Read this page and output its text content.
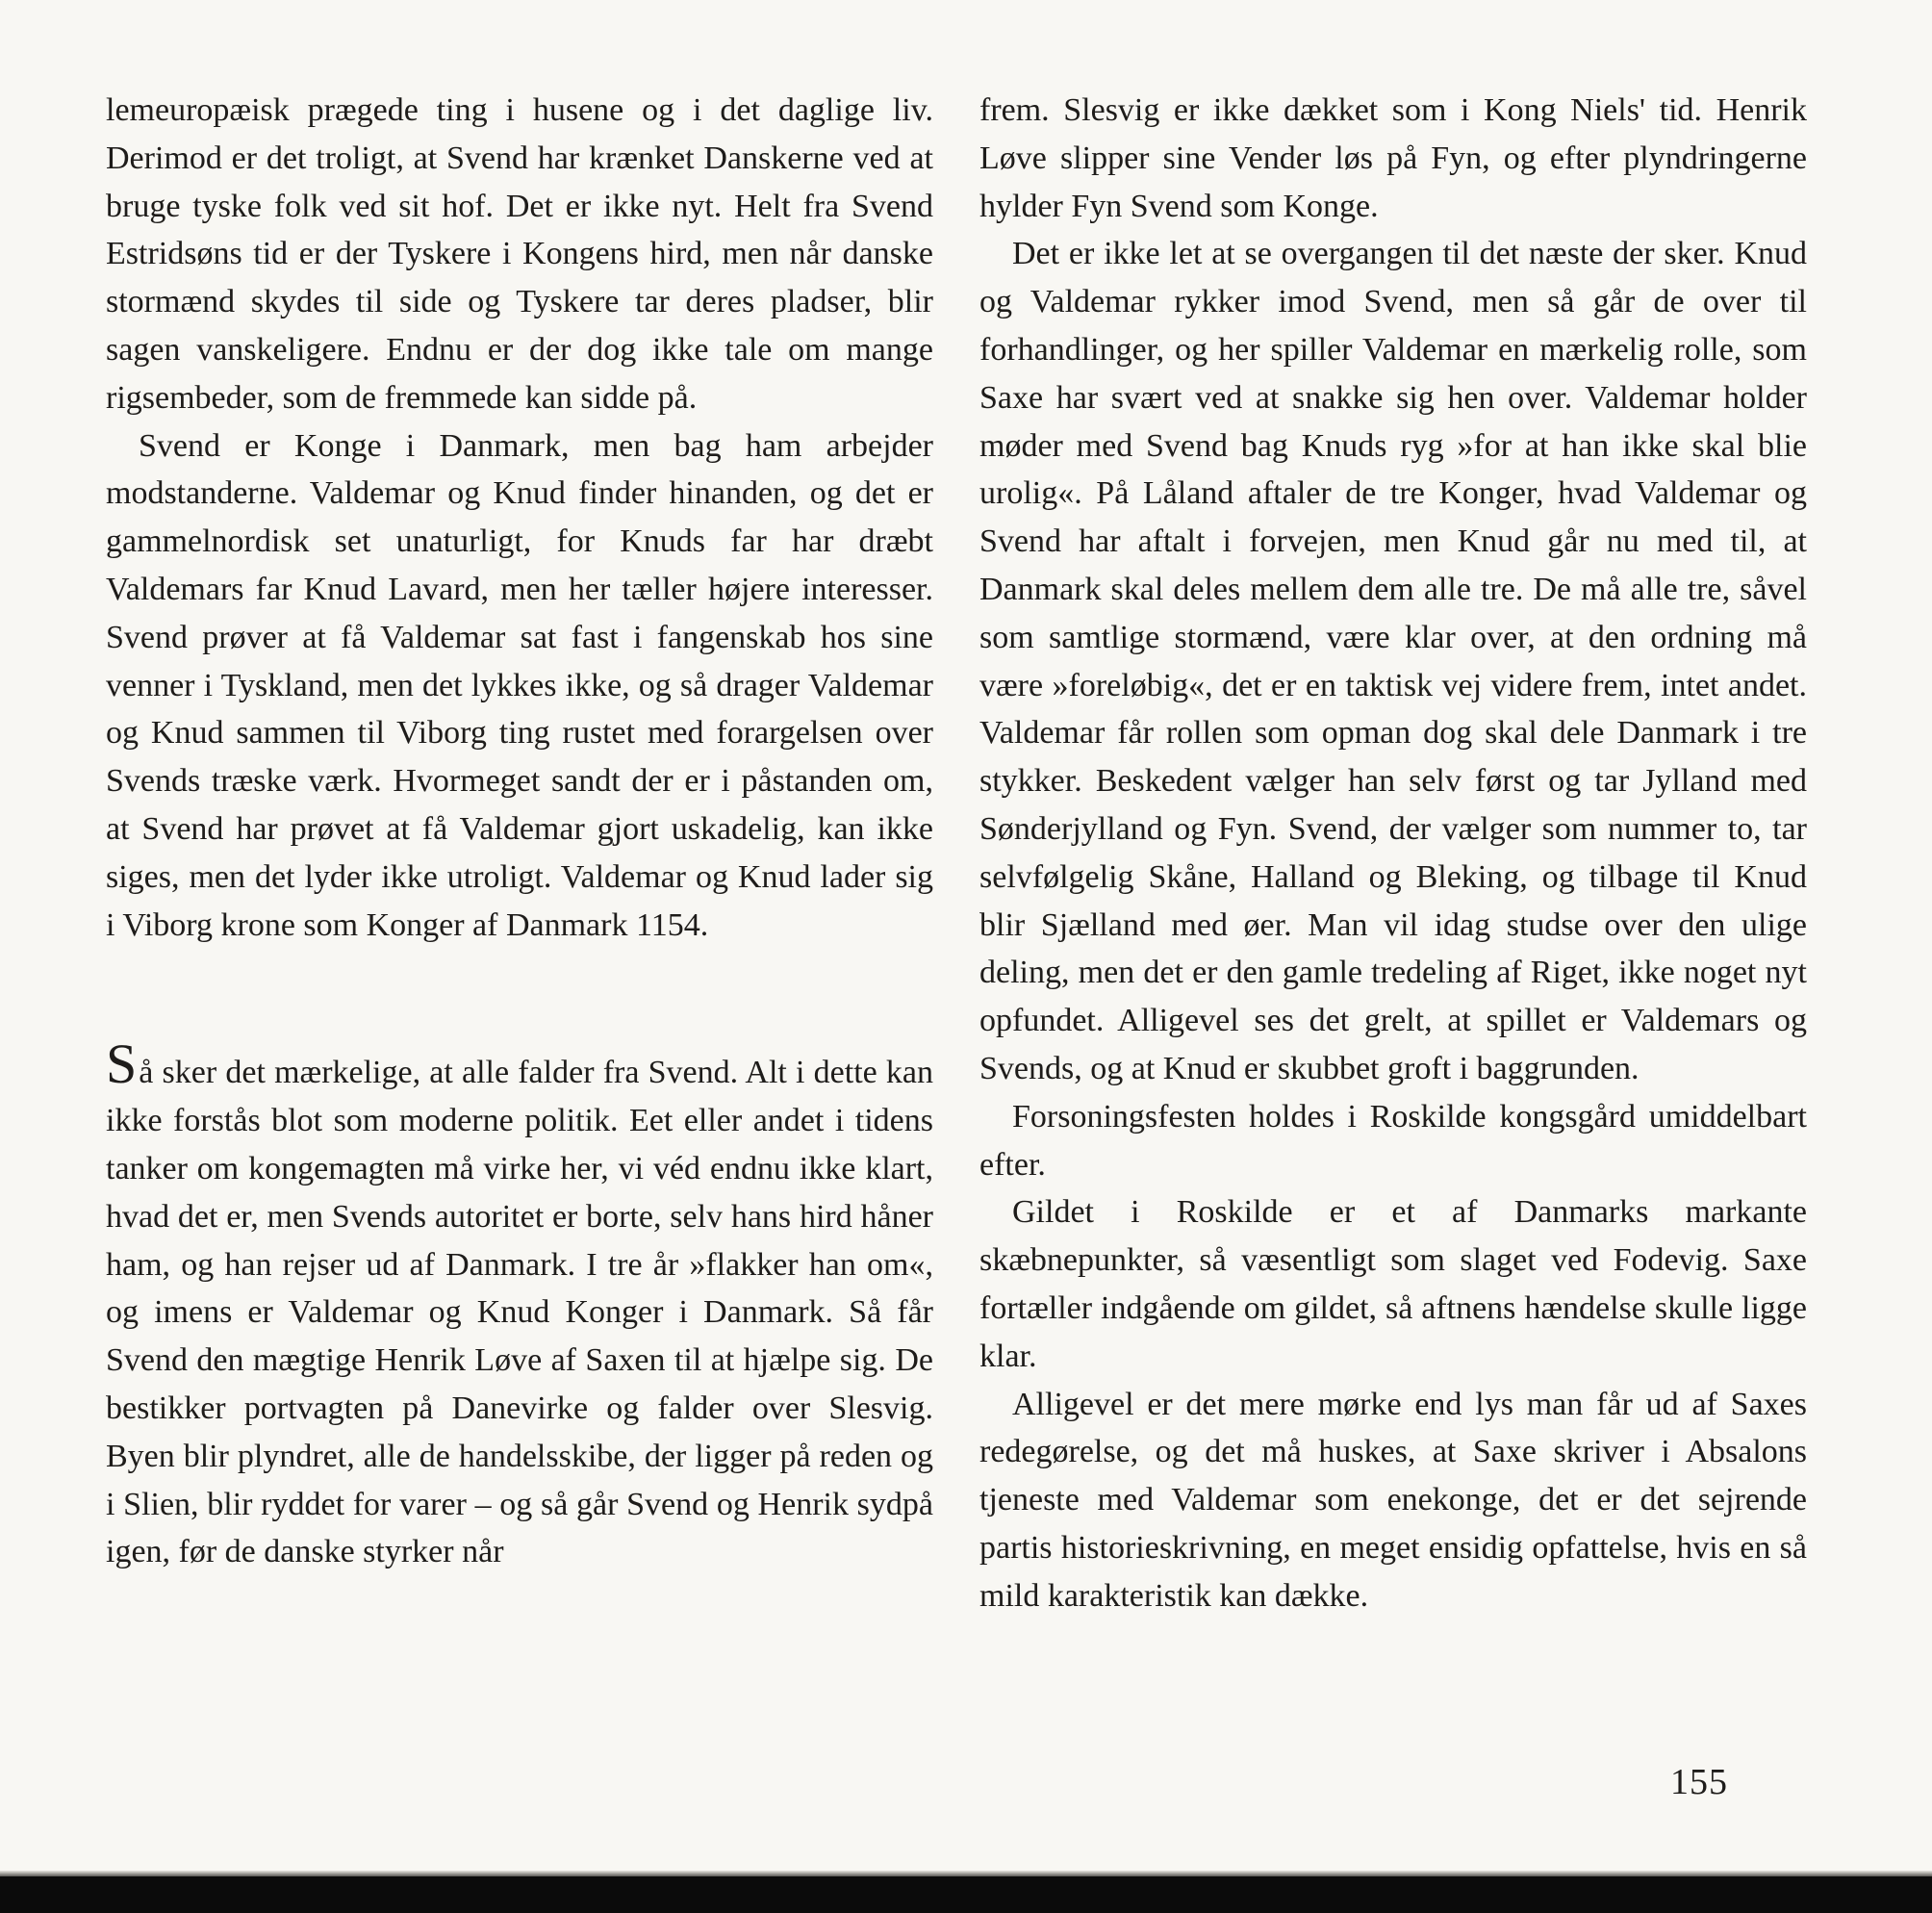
lemeuropæisk prægede ting i husene og i det daglige liv. Derimod er det troligt, at Svend har krænket Danskerne ved at bruge tyske folk ved sit hof. Det er ikke nyt. Helt fra Svend Estridsøns tid er der Tyskere i Kongens hird, men når danske stormænd skydes til side og Tyskere tar deres pladser, blir sagen vanskeligere. Endnu er der dog ikke tale om mange rigsembeder, som de fremmede kan sidde på.

Svend er Konge i Danmark, men bag ham arbejder modstanderne. Valdemar og Knud finder hinanden, og det er gammelnordisk set unaturligt, for Knuds far har dræbt Valdemars far Knud Lavard, men her tæller højere interesser. Svend prøver at få Valdemar sat fast i fangenskab hos sine venner i Tyskland, men det lykkes ikke, og så drager Valdemar og Knud sammen til Viborg ting rustet med forargelsen over Svends træske værk. Hvormeget sandt der er i påstanden om, at Svend har prøvet at få Valdemar gjort uskadelig, kan ikke siges, men det lyder ikke utroligt. Valdemar og Knud lader sig i Viborg krone som Konger af Danmark 1154.

Så sker det mærkelige, at alle falder fra Svend. Alt i dette kan ikke forstås blot som moderne politik. Eet eller andet i tidens tanker om kongemagten må virke her, vi véd endnu ikke klart, hvad det er, men Svends autoritet er borte, selv hans hird håner ham, og han rejser ud af Danmark. I tre år »flakker han om«, og imens er Valdemar og Knud Konger i Danmark. Så får Svend den mægtige Henrik Løve af Saxen til at hjælpe sig. De bestikker portvagten på Danevirke og falder over Slesvig. Byen blir plyndret, alle de handelsskibe, der ligger på reden og i Slien, blir ryddet for varer – og så går Svend og Henrik sydpå igen, før de danske styrker når

frem. Slesvig er ikke dækket som i Kong Niels' tid. Henrik Løve slipper sine Vender løs på Fyn, og efter plyndringerne hylder Fyn Svend som Konge.

Det er ikke let at se overgangen til det næste der sker. Knud og Valdemar rykker imod Svend, men så går de over til forhandlinger, og her spiller Valdemar en mærkelig rolle, som Saxe har svært ved at snakke sig hen over. Valdemar holder møder med Svend bag Knuds ryg »for at han ikke skal blie urolig«. På Låland aftaler de tre Konger, hvad Valdemar og Svend har aftalt i forvejen, men Knud går nu med til, at Danmark skal deles mellem dem alle tre. De må alle tre, såvel som samtlige stormænd, være klar over, at den ordning må være »foreløbig«, det er en taktisk vej videre frem, intet andet. Valdemar får rollen som opman dog skal dele Danmark i tre stykker. Beskedent vælger han selv først og tar Jylland med Sønderjylland og Fyn. Svend, der vælger som nummer to, tar selvfølgelig Skåne, Halland og Bleking, og tilbage til Knud blir Sjælland med øer. Man vil idag studse over den ulige deling, men det er den gamle tredeling af Riget, ikke noget nyt opfundet. Alligevel ses det grelt, at spillet er Valdemars og Svends, og at Knud er skubbet groft i baggrunden.

Forsoningsfesten holdes i Roskilde kongsgård umiddelbart efter.

Gildet i Roskilde er et af Danmarks markante skæbnepunkter, så væsentligt som slaget ved Fodevig. Saxe fortæller indgående om gildet, så aftnens hændelse skulle ligge klar.

Alligevel er det mere mørke end lys man får ud af Saxes redegørelse, og det må huskes, at Saxe skriver i Absalons tjeneste med Valdemar som enekonge, det er det sejrende partis historieskrivning, en meget ensidig opfattelse, hvis en så mild karakteristik kan dække.

155
